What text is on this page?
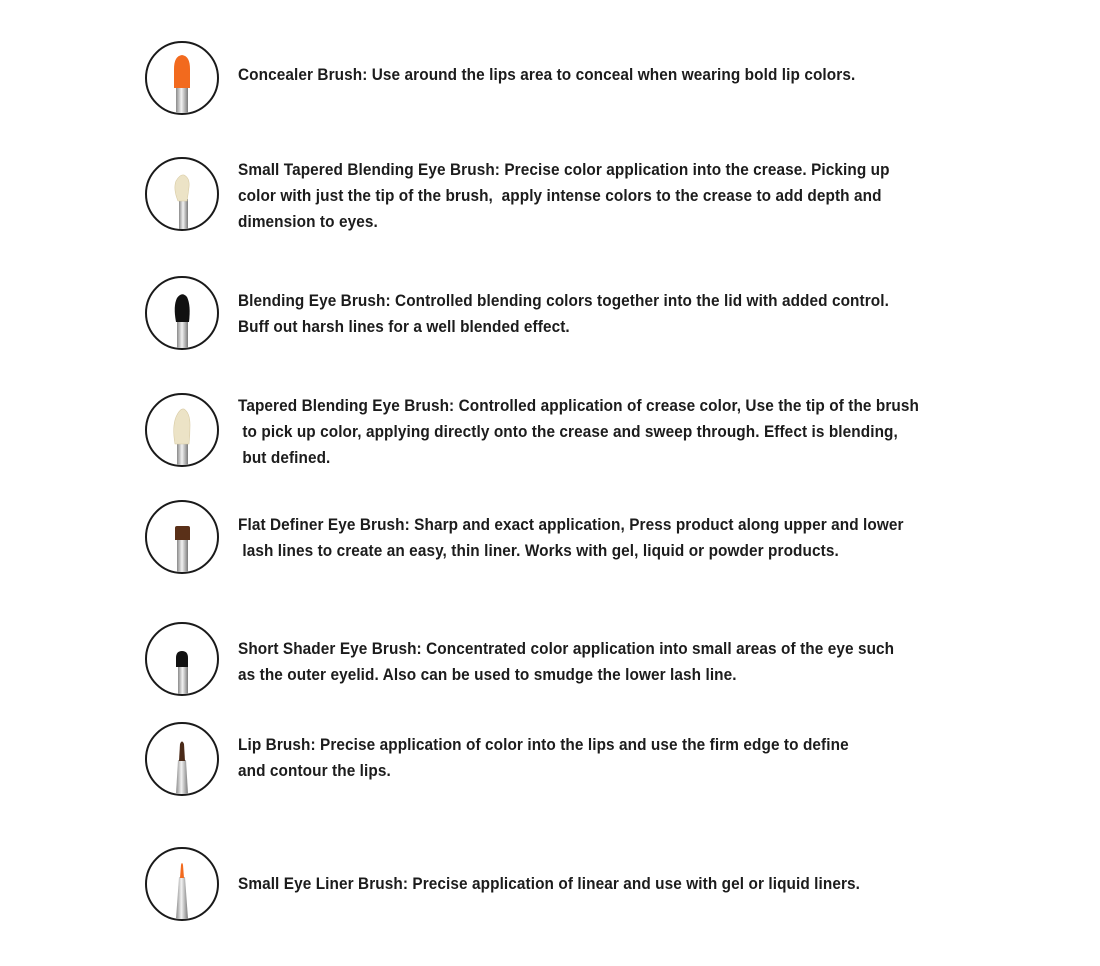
Concealer Brush: Use around the lips area to conceal when wearing bold lip colors.

Small Tapered Blending Eye Brush: Precise color application into the crease. Picking up
color with just the tip of the brush,  apply intense colors to the crease to add depth and
dimension to eyes.

Blending Eye Brush: Controlled blending colors together into the lid with added control.
Buff out harsh lines for a well blended effect.

Tapered Blending Eye Brush: Controlled application of crease color, Use the tip of the brush
to pick up color, applying directly onto the crease and sweep through. Effect is blending,
but defined.

Flat Definer Eye Brush: Sharp and exact application, Press product along upper and lower
lash lines to create an easy, thin liner. Works with gel, liquid or powder products.

Short Shader Eye Brush: Concentrated color application into small areas of the eye such
as the outer eyelid. Also can be used to smudge the lower lash line.

Lip Brush: Precise application of color into the lips and use the firm edge to define
and contour the lips.

Small Eye Liner Brush: Precise application of linear and use with gel or liquid liners.
